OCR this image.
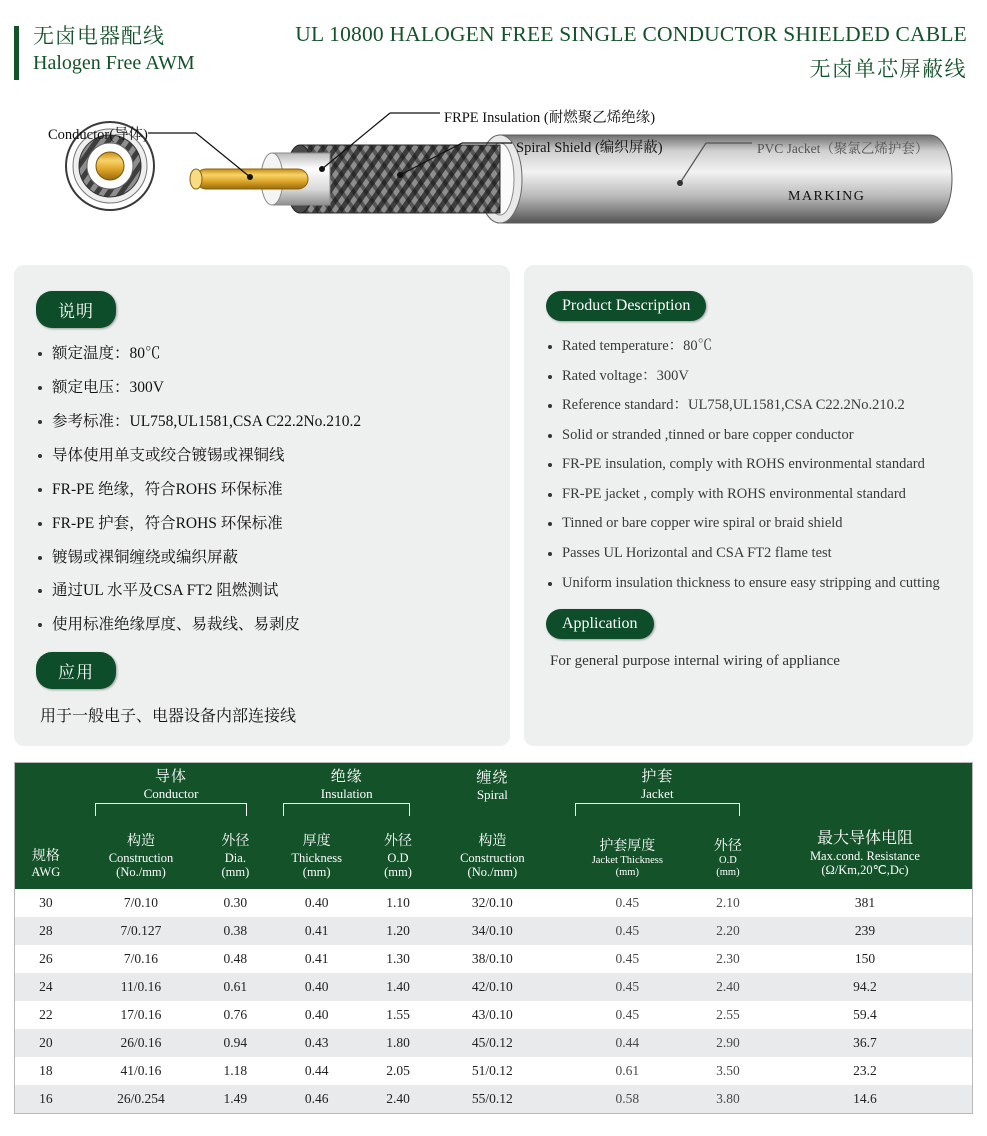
无卤电器配线
Halogen Free AWM
UL 10800 HALOGEN FREE SINGLE CONDUCTOR SHIELDED CABLE
无卤单芯屏蔽线
Conductor(导体)
FRPE Insulation (耐燃聚乙烯绝缘)
Spiral Shield (编织屏蔽)	PVC Jacket（聚氯乙烯护套）
MARKING
说明
额定温度：80℃
额定电压：300V
参考标准：UL758,UL1581,CSA C22.2No.210.2
导体使用单支或绞合镀锡或裸铜线
FR-PE 绝缘，符合ROHS 环保标准
FR-PE 护套，符合ROHS 环保标准
镀锡或裸铜缠绕或编织屏蔽
通过UL 水平及CSA FT2 阻燃测试
使用标准绝缘厚度、易裁线、易剥皮
应用
用于一般电子、电器设备内部连接线
Product Description
Rated temperature：80℃
Rated voltage：300V
Reference standard：UL758,UL1581,CSA C22.2No.210.2
Solid or stranded ,tinned or bare copper conductor
FR-PE insulation, comply with ROHS environmental standard
FR-PE jacket , comply with ROHS environmental standard
Tinned or bare copper wire spiral or braid shield
Passes UL Horizontal and CSA FT2 flame test
Uniform insulation thickness to ensure easy stripping and cutting
Application
For general purpose internal wiring of appliance

导体
Conductor

绝缘
Insulation

缠绕
Spiral

护套
Jacket

最大导体电阻
Max.cond. Resistance
(Ω/Km,20℃,Dc)

规格
AWG

构造
Construction
(No./mm)

外径
Dia.
(mm)

厚度
Thickness
(mm)

外径
O.D
(mm)

构造
Construction
(No./mm)

护套厚度
Jacket Thickness
(mm)

外径
O.D
(mm)

30	7/0.10	0.30	0.40	1.10	32/0.10	0.45	2.10	381
28	7/0.127	0.38	0.41	1.20	34/0.10	0.45	2.20	239
26	7/0.16	0.48	0.41	1.30	38/0.10	0.45	2.30	150
24	11/0.16	0.61	0.40	1.40	42/0.10	0.45	2.40	94.2
22	17/0.16	0.76	0.40	1.55	43/0.10	0.45	2.55	59.4
20	26/0.16	0.94	0.43	1.80	45/0.12	0.44	2.90	36.7
18	41/0.16	1.18	0.44	2.05	51/0.12	0.61	3.50	23.2
16	26/0.254	1.49	0.46	2.40	55/0.12	0.58	3.80	14.6
